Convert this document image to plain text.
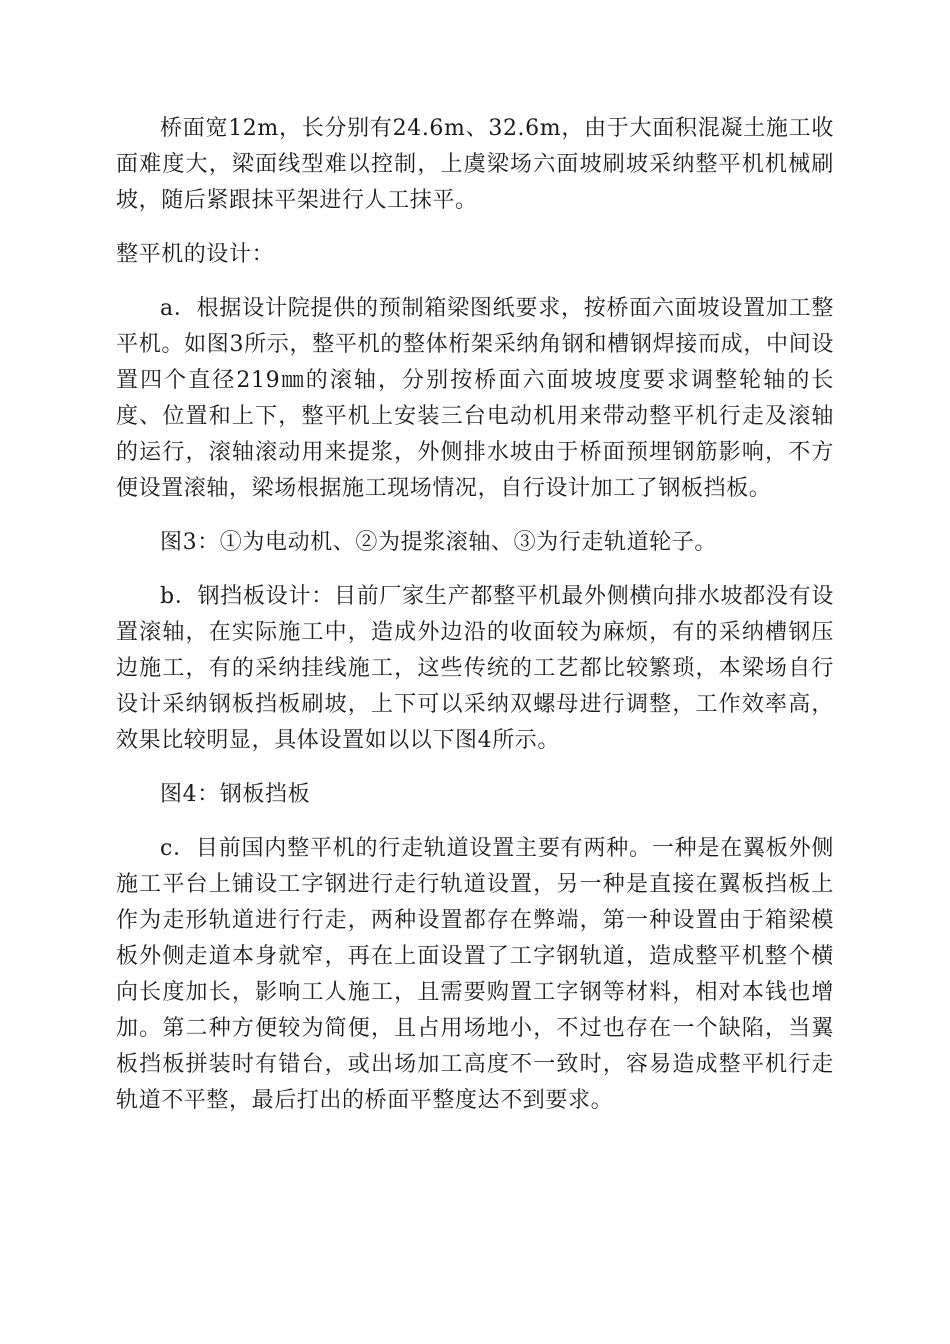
桥面宽12m，长分别有24.6m、32.6m，由于大面积混凝土施工收面难度大，梁面线型难以控制，上虞梁场六面坡刷坡采纳整平机机械刷坡，随后紧跟抹平架进行人工抹平。

整平机的设计：

a．根据设计院提供的预制箱梁图纸要求，按桥面六面坡设置加工整平机。如图3所示，整平机的整体桁架采纳角钢和槽钢焊接而成，中间设置四个直径219㎜的滚轴，分别按桥面六面坡坡度要求调整轮轴的长度、位置和上下，整平机上安装三台电动机用来带动整平机行走及滚轴的运行，滚轴滚动用来提浆，外侧排水坡由于桥面预埋钢筋影响，不方便设置滚轴，梁场根据施工现场情况，自行设计加工了钢板挡板。

图3：①为电动机、②为提浆滚轴、③为行走轨道轮子。

b．钢挡板设计：目前厂家生产都整平机最外侧横向排水坡都没有设置滚轴，在实际施工中，造成外边沿的收面较为麻烦，有的采纳槽钢压边施工，有的采纳挂线施工，这些传统的工艺都比较繁琐，本梁场自行设计采纳钢板挡板刷坡，上下可以采纳双螺母进行调整，工作效率高，效果比较明显，具体设置如以以下图4所示。

图4：钢板挡板

c．目前国内整平机的行走轨道设置主要有两种。一种是在翼板外侧施工平台上铺设工字钢进行走行轨道设置，另一种是直接在翼板挡板上作为走形轨道进行行走，两种设置都存在弊端，第一种设置由于箱梁模板外侧走道本身就窄，再在上面设置了工字钢轨道，造成整平机整个横向长度加长，影响工人施工，且需要购置工字钢等材料，相对本钱也增加。第二种方便较为简便，且占用场地小，不过也存在一个缺陷，当翼板挡板拼装时有错台，或出场加工高度不一致时，容易造成整平机行走轨道不平整，最后打出的桥面平整度达不到要求。
